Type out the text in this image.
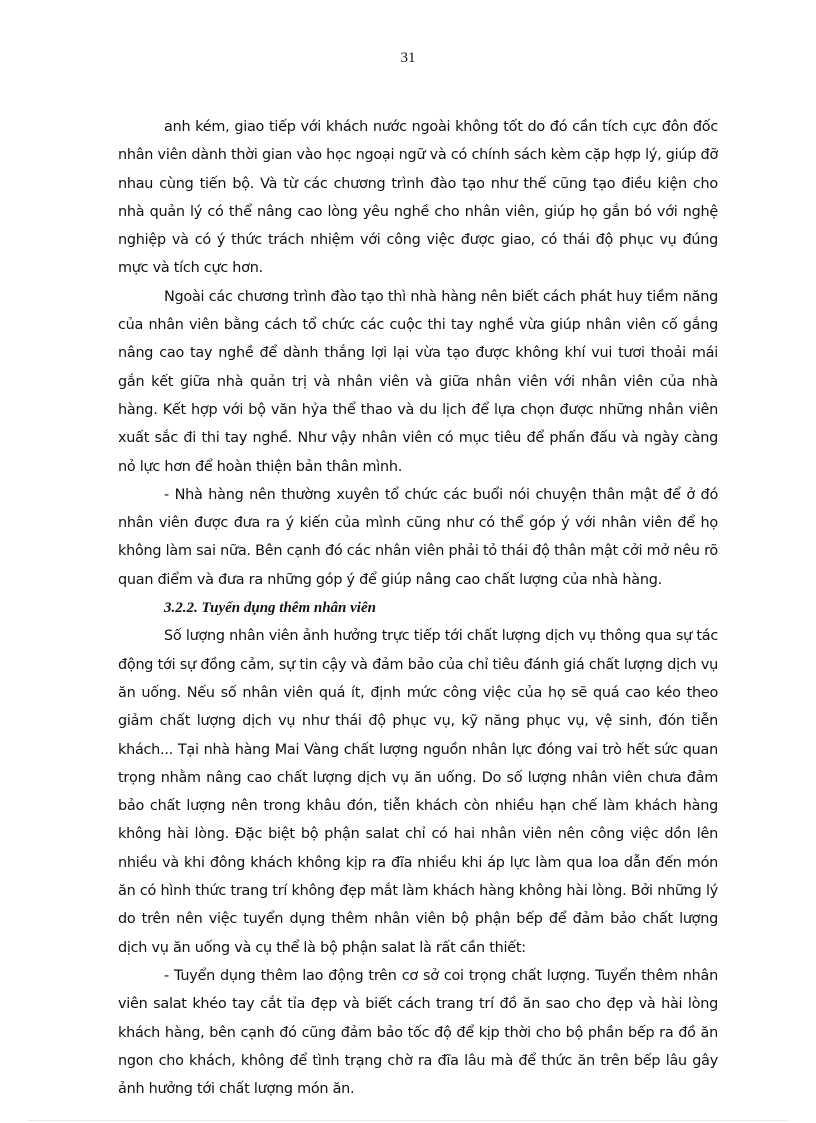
31

anh kém, giao tiếp với khách nước ngoài không tốt do đó cần tích cực đôn đốc nhân viên dành thời gian vào học ngoại ngữ và có chính sách kèm cặp hợp lý, giúp đỡ nhau cùng tiến bộ. Và từ các chương trình đào tạo như thế cũng tạo điều kiện cho nhà quản lý có thể nâng cao lòng yêu nghề cho nhân viên, giúp họ gắn bó với nghệ nghiệp và có ý thức trách nhiệm với công việc được giao, có thái độ phục vụ đúng mực và tích cực hơn.

Ngoài các chương trình đào tạo thì nhà hàng nên biết cách phát huy tiềm năng của nhân viên bằng cách tổ chức các cuộc thi tay nghề vừa giúp nhân viên cố gắng nâng cao tay nghề để dành thắng lợi lại vừa tạo được không khí vui tươi thoải mái gắn kết giữa nhà quản trị và nhân viên và giữa nhân viên với nhân viên của nhà hàng. Kết hợp với bộ văn hỷa thể thao và du lịch để lựa chọn được những nhân viên xuất sắc đi thi tay nghề. Như vậy nhân viên có mục tiêu để phấn đấu và ngày càng nỏ lực hơn để hoàn thiện bản thân mình.

- Nhà hàng nên thường xuyên tổ chức các buổi nói chuyện thân mật để ở đó nhân viên được đưa ra ý kiến của mình cũng như có thể góp ý với nhân viên để họ không làm sai nữa. Bên cạnh đó các nhân viên phải tỏ thái độ thân mật cởi mở nêu rõ quan điểm và đưa ra những góp ý để giúp nâng cao chất lượng của nhà hàng.

3.2.2. Tuyển dụng thêm nhân viên

Số lượng nhân viên ảnh hưởng trực tiếp tới chất lượng dịch vụ thông qua sự tác động tới sự đồng cảm, sự tin cậy và đảm bảo của chỉ tiêu đánh giá chất lượng dịch vụ ăn uống. Nếu số nhân viên quá ít, định mức công việc của họ sẽ quá cao kéo theo giảm chất lượng dịch vụ như thái độ phục vụ, kỹ năng phục vụ, vệ sinh, đón tiễn khách... Tại nhà hàng Mai Vàng chất lượng nguồn nhân lực đóng vai trò hết sức quan trọng nhằm nâng cao chất lượng dịch vụ ăn uống. Do số lượng nhân viên chưa đảm bảo chất lượng nên trong khâu đón, tiễn khách còn nhiều hạn chế làm khách hàng không hài lòng. Đặc biệt bộ phận salat chỉ có hai nhân viên nên công việc dồn lên nhiều và khi đông khách không kịp ra đĩa nhiều khi áp lực làm qua loa dẫn đến món ăn có hình thức trang trí không đẹp mắt làm khách hàng không hài lòng. Bởi những lý do trên nên việc tuyển dụng thêm nhân viên bộ phận bếp để đảm bảo chất lượng dịch vụ ăn uống và cụ thể là bộ phận salat là rất cần thiết:

- Tuyển dụng thêm lao động trên cơ sở coi trọng chất lượng. Tuyển thêm nhân viên salat khéo tay cắt tỉa đẹp và biết cách trang trí đồ ăn sao cho đẹp và hài lòng khách hàng, bên cạnh đó cũng đảm bảo tốc độ để kịp thời cho bộ phần bếp ra đồ ăn ngon cho khách, không để tình trạng chờ ra đĩa lâu mà để thức ăn trên bếp lâu gây ảnh hưởng tới chất lượng món ăn.
